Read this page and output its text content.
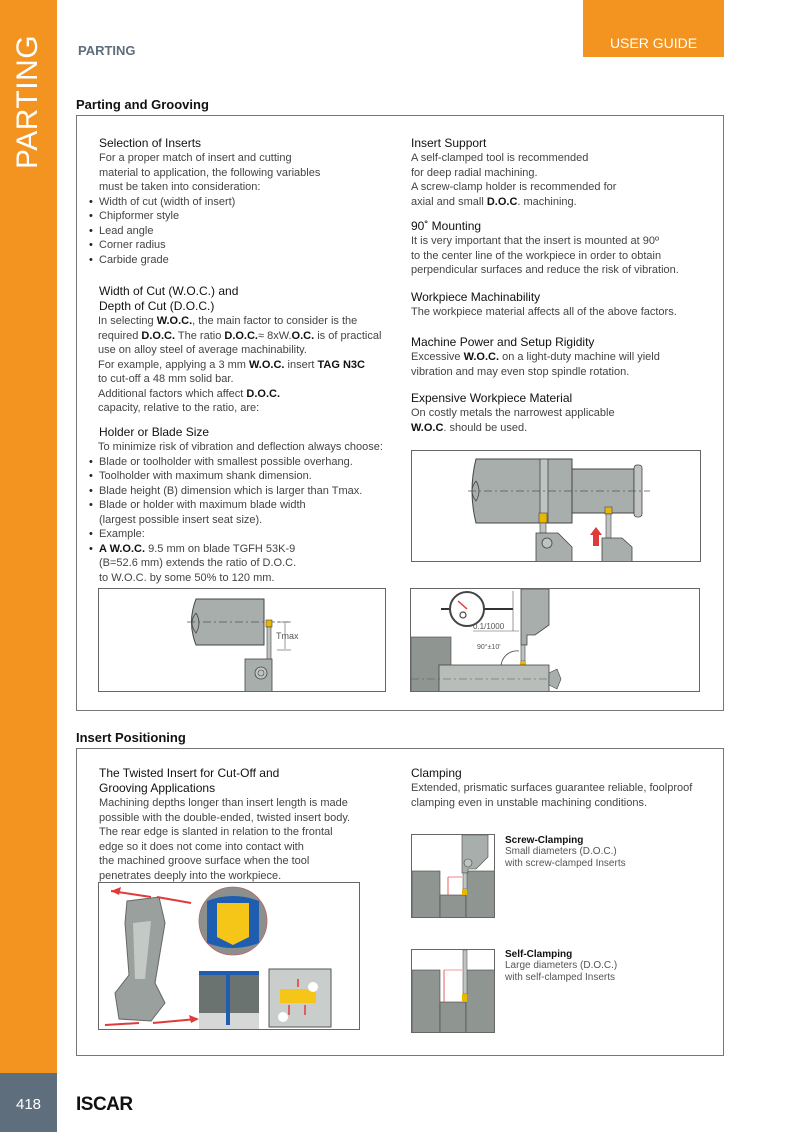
PARTING
418	ISCAR
USER GUIDE
PARTING
Parting and Grooving
Selection of Inserts
For a proper match of insert and cutting
material to application, the following variables
must be taken into consideration:
• Width of cut (width of insert)
• Chipformer style
• Lead angle
• Corner radius
• Carbide grade
Width of Cut (W.O.C.) and
Depth of Cut (D.O.C.)
In selecting W.O.C., the main factor to consider is the
required D.O.C. The ratio D.O.C.≈ 8xW.O.C. is of practical
use on alloy steel of average machinability.
For example, applying a 3 mm W.O.C. insert TAG N3C
to cut-off a 48 mm solid bar.
Additional factors which affect D.O.C.
capacity, relative to the ratio, are:
Holder or Blade Size
To minimize risk of vibration and deflection always choose:
• Blade or toolholder with smallest possible overhang.
• Toolholder with maximum shank dimension.
• Blade height (B) dimension which is larger than Tmax.
• Blade or holder with maximum blade width
(largest possible insert seat size).
• Example:
• A W.O.C. 9.5 mm on blade TGFH 53K-9
(B=52.6 mm) extends the ratio of D.O.C.
to W.O.C. by some 50% to 120 mm.
Insert Support
A self-clamped tool is recommended
for deep radial machining.
A screw-clamp holder is recommended for
axial and small D.O.C. machining.
90˚ Mounting
It is very important that the insert is mounted at 90º
to the center line of the workpiece in order to obtain
perpendicular surfaces and reduce the risk of vibration.
Workpiece Machinability
The workpiece material affects all of the above factors.
Machine Power and Setup Rigidity
Excessive W.O.C. on a light-duty machine will yield
vibration and may even stop spindle rotation.
Expensive Workpiece Material
On costly metals the narrowest applicable
W.O.C. should be used.
Tmax
0.1/1000
90°±10'
Insert Positioning
The Twisted Insert for Cut-Off and
Grooving Applications
Machining depths longer than insert length is made
possible with the double-ended, twisted insert body.
The rear edge is slanted in relation to the frontal
edge so it does not come into contact with
the machined groove surface when the tool
penetrates deeply into the workpiece.
Clamping
Extended, prismatic surfaces guarantee reliable, foolproof
clamping even in unstable machining conditions.
Screw-Clamping
Small diameters (D.O.C.)
with screw-clamped Inserts
Self-Clamping
Large diameters (D.O.C.)
with self-clamped Inserts
